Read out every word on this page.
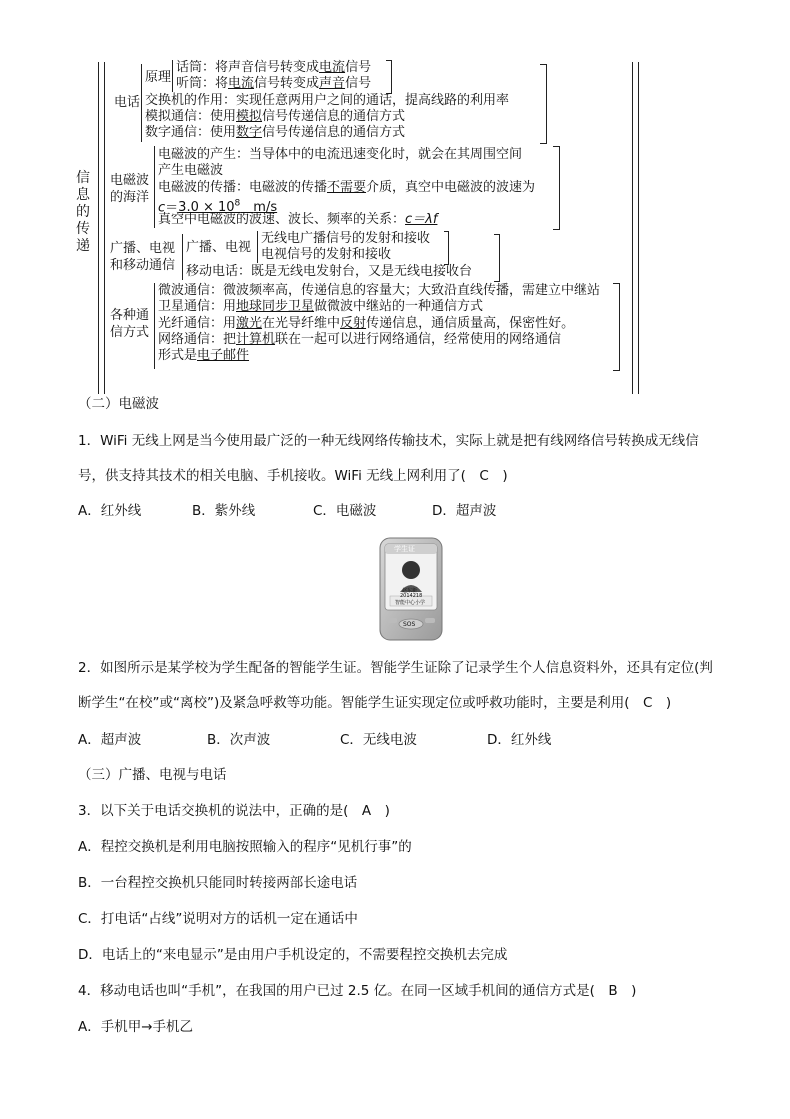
信
息
的
传
递
电话
原理
话筒：将声音信号转变成电流信号
听筒：将电流信号转变成声音信号
交换机的作用：实现任意两用户之间的通话，提高线路的利用率
模拟通信：使用模拟信号传递信息的通信方式
数字通信：使用数字信号传递信息的通信方式
电磁波
的海洋
电磁波的产生：当导体中的电流迅速变化时，就会在其周围空间
产生电磁波
电磁波的传播：电磁波的传播不需要介质，真空中电磁波的波速为
$c=3.0 \times 10^8$　 m/s
真空中电磁波的波速、波长、频率的关系：c＝λf
广播、电视
和移动通信
广播、电视
无线电广播信号的发射和接收
电视信号的发射和接收
移动电话：既是无线电发射台，又是无线电接收台
各种通
信方式
微波通信：微波频率高，传递信息的容量大；大致沿直线传播，需建立中继站
卫星通信：用地球同步卫星做微波中继站的一种通信方式
光纤通信：用激光在光导纤维中反射传递信息，通信质量高，保密性好。
网络通信：把计算机联在一起可以进行网络通信，经常使用的网络通信
形式是电子邮件
（二）电磁波
1．WiFi 无线上网是当今使用最广泛的一种无线网络传输技术，实际上就是把有线网络信号转换成无线信
号，供支持其技术的相关电脑、手机接收。WiFi 无线上网利用了(　C　)
A．红外线	B．紫外线	C．电磁波	D．超声波
学生证
赵东新
2014218
智能中心小学
SOS
2．如图所示是某学校为学生配备的智能学生证。智能学生证除了记录学生个人信息资料外，还具有定位(判
断学生“在校”或“离校”)及紧急呼救等功能。智能学生证实现定位或呼救功能时，主要是利用(　C　)
A．超声波	B．次声波	C．无线电波	D．红外线
（三）广播、电视与电话
3．以下关于电话交换机的说法中，正确的是(　A　)
A．程控交换机是利用电脑按照输入的程序“见机行事”的
B．一台程控交换机只能同时转接两部长途电话
C．打电话“占线”说明对方的话机一定在通话中
D．电话上的“来电显示”是由用户手机设定的，不需要程控交换机去完成
4．移动电话也叫“手机”，在我国的用户已过 2.5 亿。在同一区域手机间的通信方式是(　B　)
A．手机甲→手机乙
